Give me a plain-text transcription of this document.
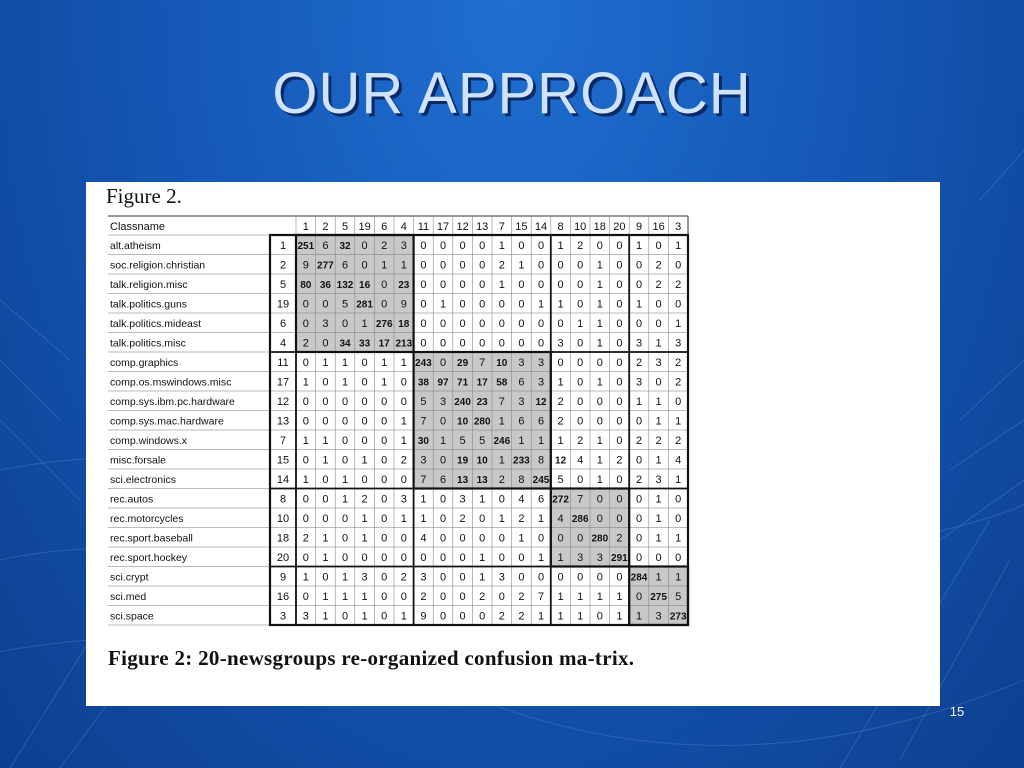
OUR APPROACH
Figure 2.
Classname	1 2 5 19 6 4 11 17 12 13 7 15 14 8 10 18 20 9 16 3
alt.atheism	1 251 6 32 0 2 3 0 0 0 0 1 0 0 1 2 0 0 1 0 1
soc.religion.christian	2 9 277 6 0 1 1 0 0 0 0 2 1 0 0 0 1 0 0 2 0
talk.religion.misc	5 80 36 132 16 0 23 0 0 0 0 1 0 0 0 0 1 0 0 2 2
talk.politics.guns	19 0 0 5 281 0 9 0 1 0 0 0 0 1 1 0 1 0 1 0 0
talk.politics.mideast	6 0 3 0 1 276 18 0 0 0 0 0 0 0 0 1 1 0 0 0 1
talk.politics.misc	4 2 0 34 33 17 213 0 0 0 0 0 0 0 3 0 1 0 3 1 3
comp.graphics	11 0 1 1 0 1 1 243 0 29 7 10 3 3 0 0 0 0 2 3 2
comp.os.mswindows.misc	17 1 0 1 0 1 0 38 97 71 17 58 6 3 1 0 1 0 3 0 2
comp.sys.ibm.pc.hardware	12 0 0 0 0 0 0 5 3 240 23 7 3 12 2 0 0 0 1 1 0
comp.sys.mac.hardware	13 0 0 0 0 0 1 7 0 10 280 1 6 6 2 0 0 0 0 1 1
comp.windows.x	7 1 1 0 0 0 1 30 1 5 5 246 1 1 1 2 1 0 2 2 2
misc.forsale	15 0 1 0 1 0 2 3 0 19 10 1 233 8 12 4 1 2 0 1 4
sci.electronics	14 1 0 1 0 0 0 7 6 13 13 2 8 245 5 0 1 0 2 3 1
rec.autos	8 0 0 1 2 0 3 1 0 3 1 0 4 6 272 7 0 0 0 1 0
rec.motorcycles	10 0 0 0 1 0 1 1 0 2 0 1 2 1 4 286 0 0 0 1 0
rec.sport.baseball	18 2 1 0 1 0 0 4 0 0 0 0 1 0 0 0 280 2 0 1 1
rec.sport.hockey	20 0 1 0 0 0 0 0 0 0 1 0 0 1 1 3 3 291 0 0 0
sci.crypt	9 1 0 1 3 0 2 3 0 0 1 3 0 0 0 0 0 0 284 1 1
sci.med	16 0 1 1 1 0 0 2 0 0 2 0 2 7 1 1 1 1 0 275 5
sci.space	3 3 1 0 1 0 1 9 0 0 0 2 2 1 1 1 0 1 1 3 273
Figure 2: 20-newsgroups re-organized confusion ma-trix.
15
